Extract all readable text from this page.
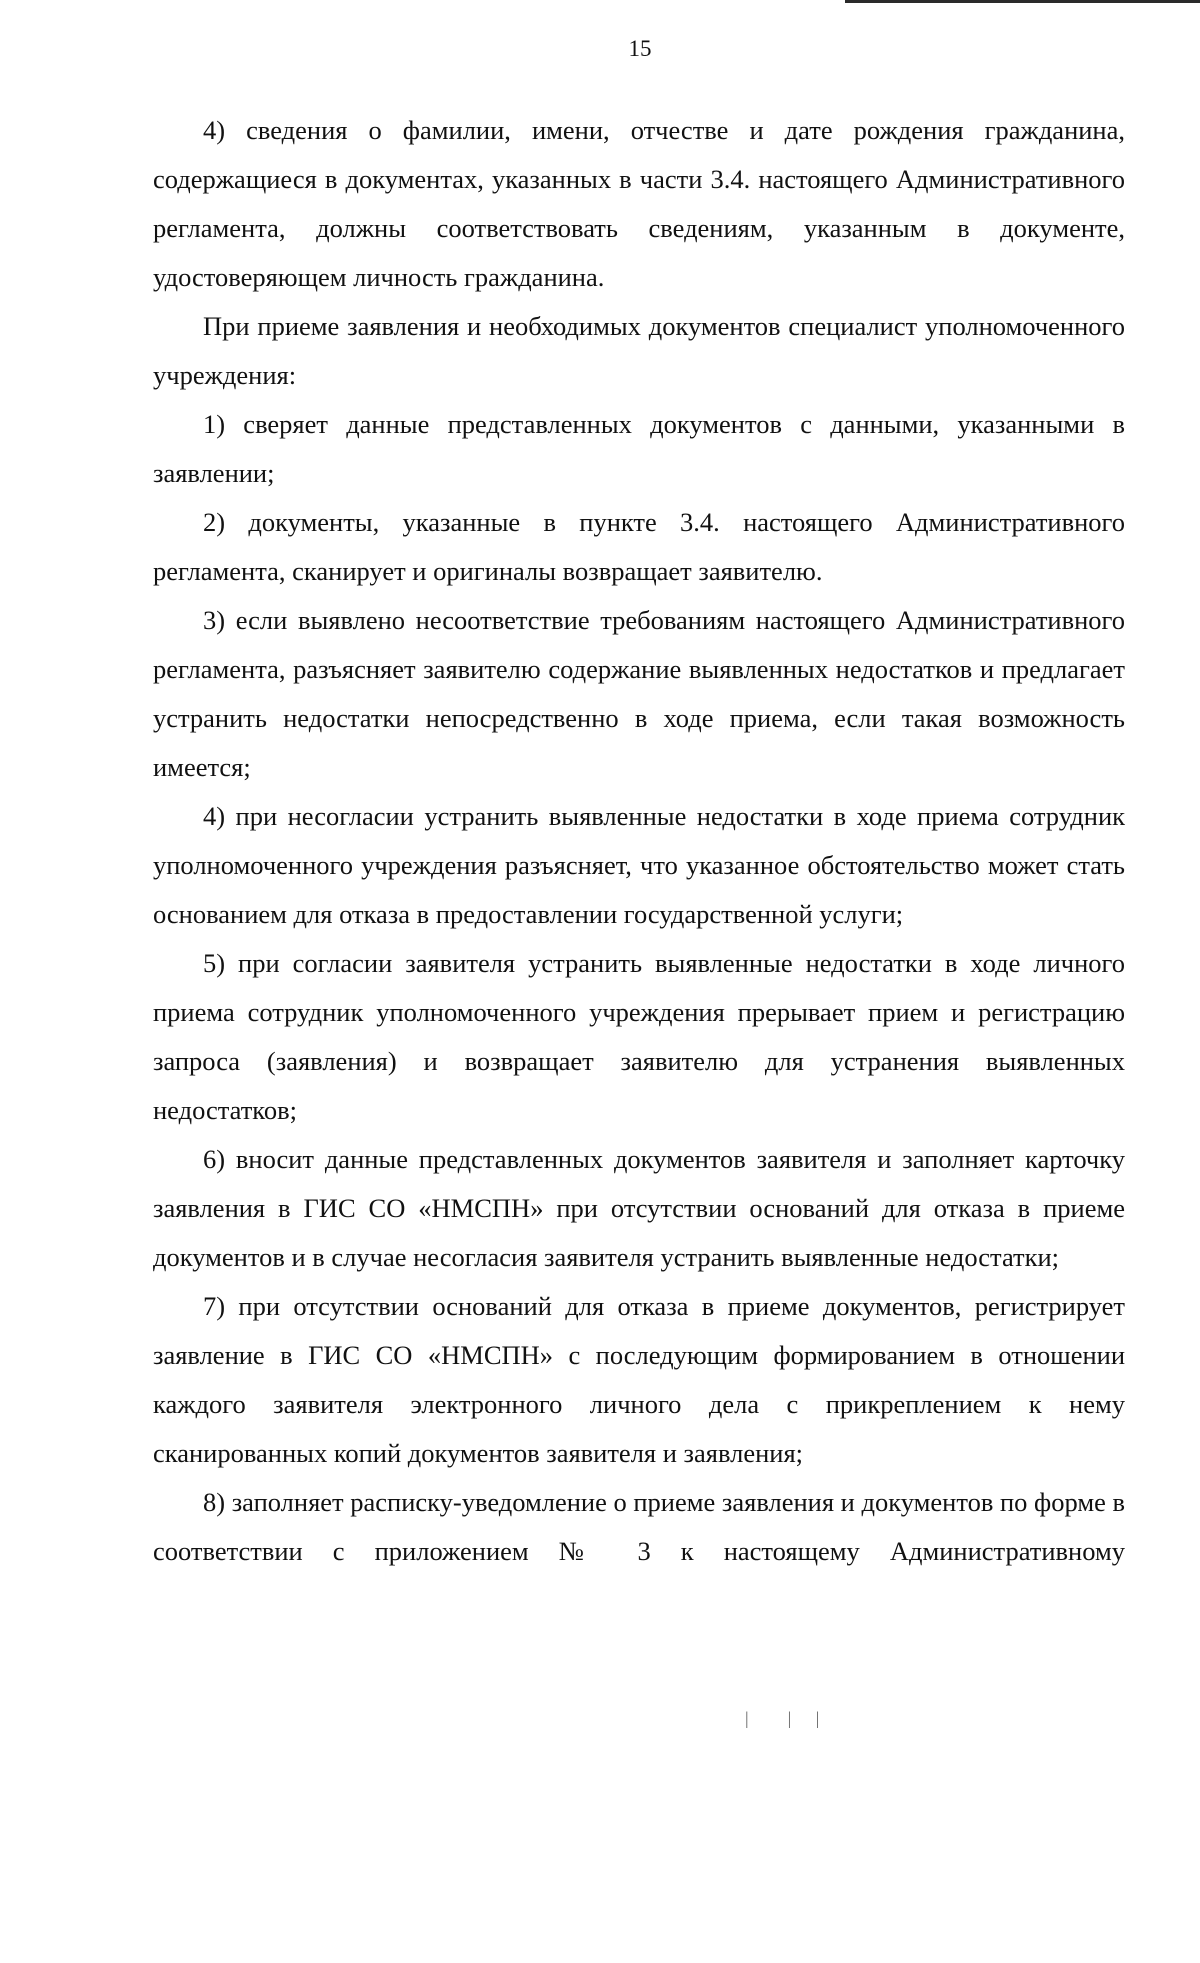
15

4) сведения о фамилии, имени, отчестве и дате рождения гражданина, содержащиеся в документах, указанных в части 3.4. настоящего Административного регламента, должны соответствовать сведениям, указанным в документе, удостоверяющем личность гражданина.

При приеме заявления и необходимых документов специалист уполномоченного учреждения:

1) сверяет данные представленных документов с данными, указанными в заявлении;

2) документы, указанные в пункте 3.4. настоящего Административного регламента, сканирует и оригиналы возвращает заявителю.

3) если выявлено несоответствие требованиям настоящего Административного регламента, разъясняет заявителю содержание выявленных недостатков и предлагает устранить недостатки непосредственно в ходе приема, если такая возможность имеется;

4) при несогласии устранить выявленные недостатки в ходе приема сотрудник уполномоченного учреждения разъясняет, что указанное обстоятельство может стать основанием для отказа в предоставлении государственной услуги;

5) при согласии заявителя устранить выявленные недостатки в ходе личного приема сотрудник уполномоченного учреждения прерывает прием и регистрацию запроса (заявления) и возвращает заявителю для устранения выявленных недостатков;

6) вносит данные представленных документов заявителя и заполняет карточку заявления в ГИС СО «НМСПН» при отсутствии оснований для отказа в приеме документов и в случае несогласия заявителя устранить выявленные недостатки;

7) при отсутствии оснований для отказа в приеме документов, регистрирует заявление в ГИС СО «НМСПН» с последующим формированием в отношении каждого заявителя электронного личного дела с прикреплением к нему сканированных копий документов заявителя и заявления;

8) заполняет расписку-уведомление о приеме заявления и документов по форме в соответствии с приложением № 3 к настоящему Административному

|  | |
